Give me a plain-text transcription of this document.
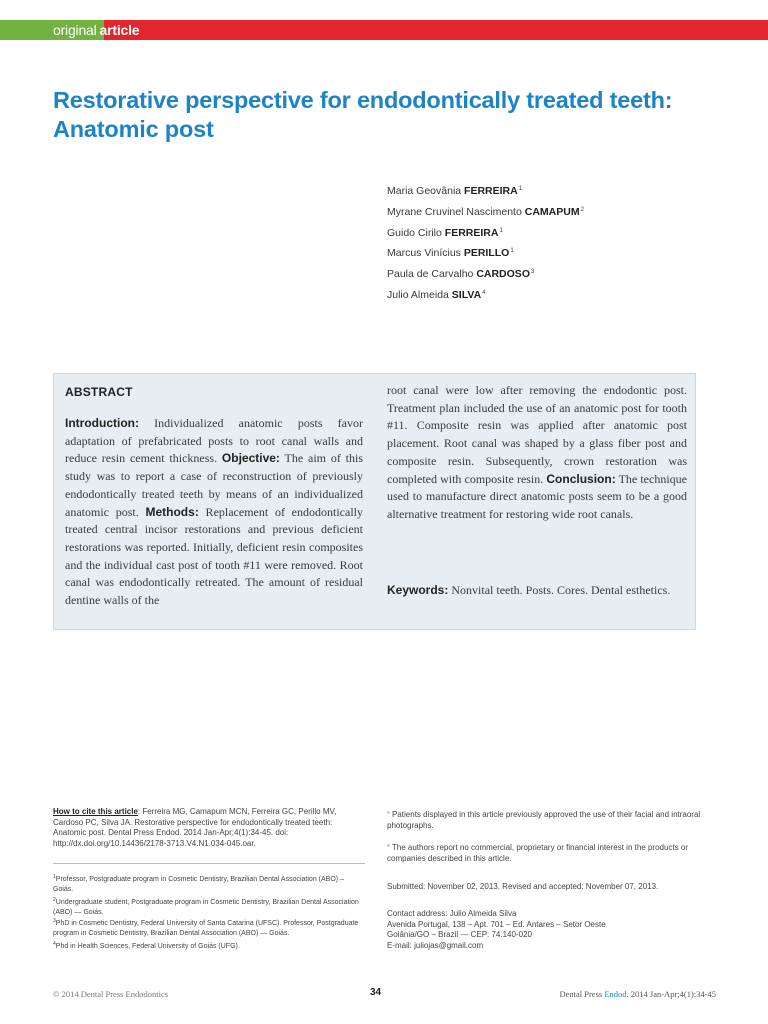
original article
Restorative perspective for endodontically treated teeth: Anatomic post
Maria Geovânia FERREIRA$^1$
Myrane Cruvinel Nascimento CAMAPUM$^2$
Guido Cirilo FERREIRA$^1$
Marcus Vinícius PERILLO$^1$
Paula de Carvalho CARDOSO$^3$
Julio Almeida SILVA$^4$
ABSTRACT
Introduction: Individualized anatomic posts favor adaptation of prefabricated posts to root canal walls and reduce resin cement thickness. Objective: The aim of this study was to report a case of reconstruction of previously endodontically treated teeth by means of an individualized anatomic post. Methods: Replacement of endodontically treated central incisor restorations and previous deficient restorations was reported. Initially, deficient resin composites and the individual cast post of tooth #11 were removed. Root canal was endodontically retreated. The amount of residual dentine walls of the
root canal were low after removing the endodontic post. Treatment plan included the use of an anatomic post for tooth #11. Composite resin was applied after anatomic post placement. Root canal was shaped by a glass fiber post and composite resin. Subsequently, crown restoration was completed with composite resin. Conclusion: The technique used to manufacture direct anatomic posts seem to be a good alternative treatment for restoring wide root canals.
Keywords: Nonvital teeth. Posts. Cores. Dental esthetics.
How to cite this article: Ferreira MG, Camapum MCN, Ferreira GC, Perillo MV, Cardoso PC, Silva JA. Restorative perspective for endodontically treated teeth: Anatomic post. Dental Press Endod. 2014 Jan-Apr;4(1):34-45. doi: http://dx.doi.org/10.14436/2178-3713.V4.N1.034-045.oar.
$^1$Professor, Postgraduate program in Cosmetic Dentistry, Brazilian Dental Association (ABO) – Goiás.
$^2$Undergraduate student, Postgraduate program in Cosmetic Dentistry, Brazilian Dental Association (ABO) — Goiás.
$^3$PhD in Cosmetic Dentistry, Federal University of Santa Catarina (UFSC). Professor, Postgraduate program in Cosmetic Dentistry, Brazilian Dental Association (ABO) — Goiás.
$^4$Phd in Health Sciences, Federal University of Goiás (UFG).
» Patients displayed in this article previously approved the use of their facial and intraoral photographs.
» The authors report no commercial, proprietary or financial interest in the products or companies described in this article.
Submitted: November 02, 2013. Revised and accepted: November 07, 2013.
Contact address: Julio Almeida Silva
Avenida Portugal, 138 – Apt. 701 – Ed. Antares – Setor Oeste
Goiânia/GO – Brazil — CEP: 74.140-020
E-mail: juliojas@gmail.com
© 2014 Dental Press Endodontics	34	Dental Press Endod. 2014 Jan-Apr;4(1):34-45
